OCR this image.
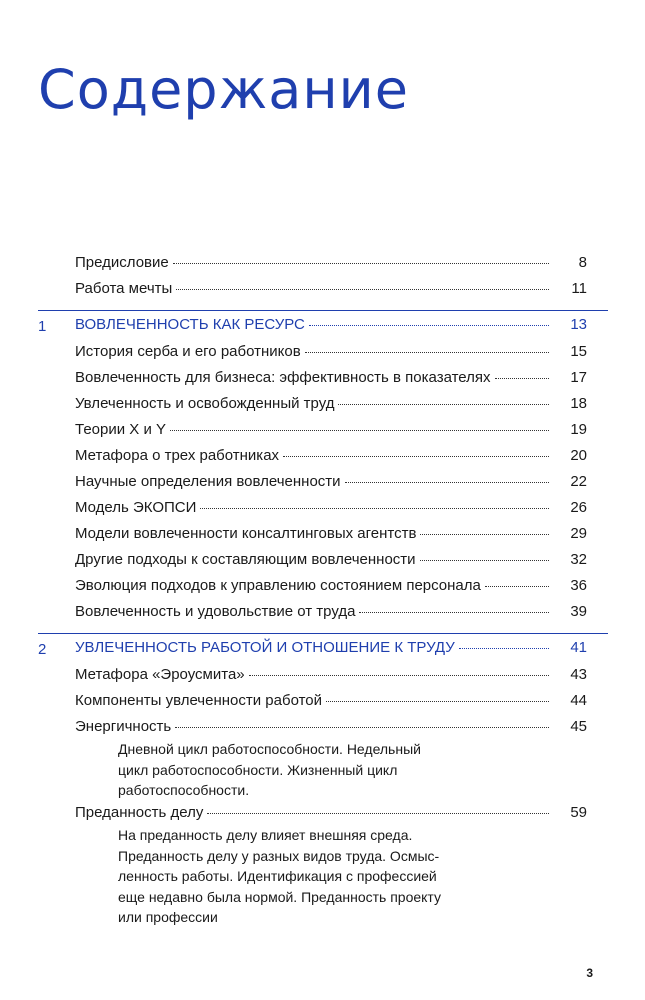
Содержание
Предисловие	8
Работа мечты	11
1 ВОВЛЕЧЕННОСТЬ КАК РЕСУРС	13
История серба и его работников	15
Вовлеченность для бизнеса: эффективность в показателях	17
Увлеченность и освобожденный труд	18
Теории X и Y	19
Метафора о трех работниках	20
Научные определения вовлеченности	22
Модель ЭКОПСИ	26
Модели вовлеченности консалтинговых агентств	29
Другие подходы к составляющим вовлеченности	32
Эволюция подходов к управлению состоянием персонала	36
Вовлеченность и удовольствие от труда	39
2 УВЛЕЧЕННОСТЬ РАБОТОЙ И ОТНОШЕНИЕ К ТРУДУ	41
Метафора «Эроусмита»	43
Компоненты увлеченности работой	44
Энергичность	45
Дневной цикл работоспособности. Недельный
цикл работоспособности. Жизненный цикл
работоспособности.
Преданность делу	59
На преданность делу влияет внешняя среда.
Преданность делу у разных видов труда. Осмыс-
ленность работы. Идентификация с профессией
еще недавно была нормой. Преданность проекту
или профессии
3
